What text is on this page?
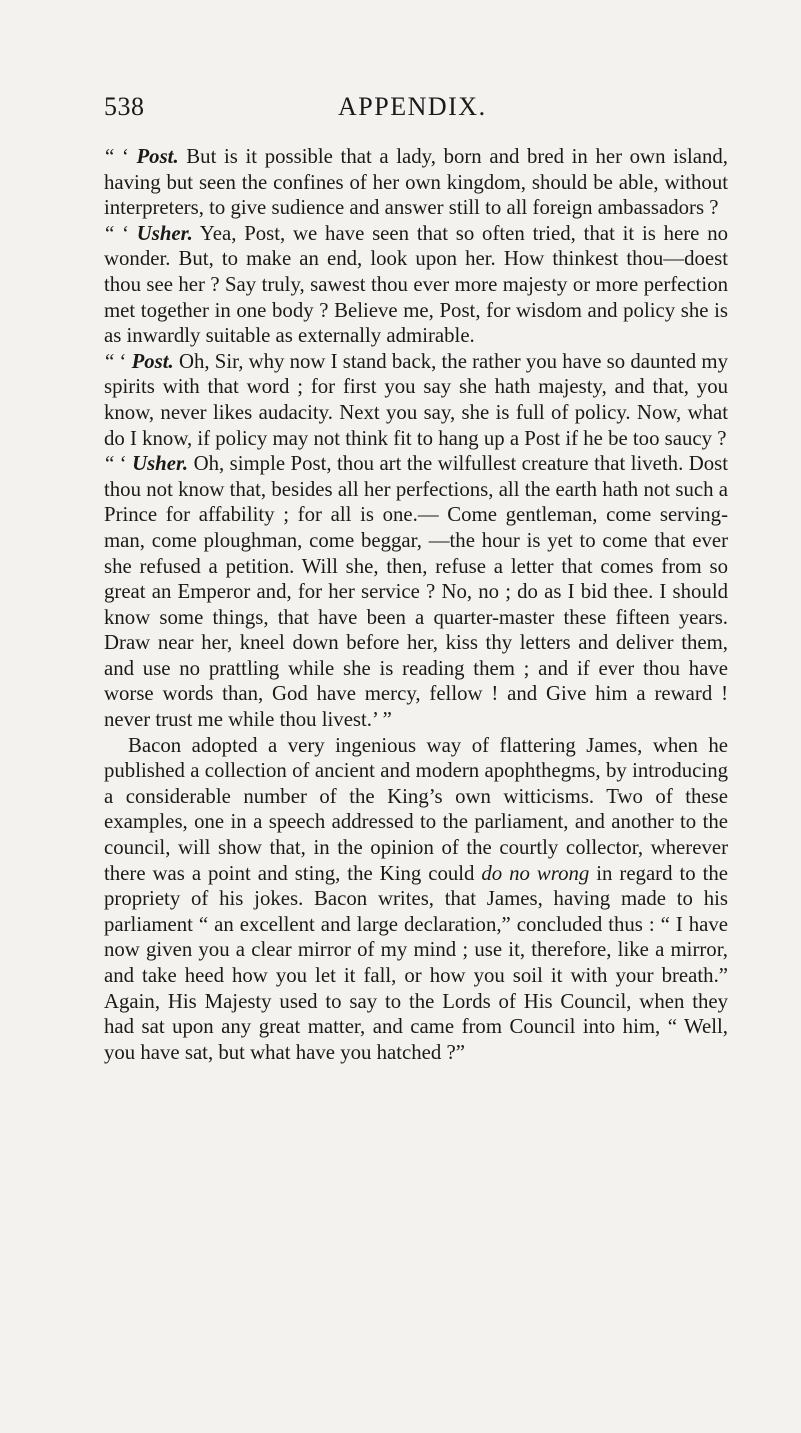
538	APPENDIX.

“ ‘ Post. But is it possible that a lady, born and bred in her own island, having but seen the confines of her own kingdom, should be able, without interpreters, to give sudience and answer still to all foreign ambassadors ?

“ ‘ Usher. Yea, Post, we have seen that so often tried, that it is here no wonder. But, to make an end, look upon her. How thinkest thou—doest thou see her ? Say truly, sawest thou ever more majesty or more perfection met together in one body ? Believe me, Post, for wisdom and policy she is as inwardly suitable as externally admirable.

“ ‘ Post. Oh, Sir, why now I stand back, the rather you have so daunted my spirits with that word ; for first you say she hath majesty, and that, you know, never likes audacity. Next you say, she is full of policy. Now, what do I know, if policy may not think fit to hang up a Post if he be too saucy ?

“ ‘ Usher. Oh, simple Post, thou art the wilfullest creature that liveth. Dost thou not know that, besides all her perfections, all the earth hath not such a Prince for affability ; for all is one.— Come gentleman, come serving-man, come ploughman, come beggar, —the hour is yet to come that ever she refused a petition. Will she, then, refuse a letter that comes from so great an Emperor and, for her service ? No, no ; do as I bid thee. I should know some things, that have been a quarter-master these fifteen years. Draw near her, kneel down before her, kiss thy letters and deliver them, and use no prattling while she is reading them ; and if ever thou have worse words than, God have mercy, fellow ! and Give him a reward ! never trust me while thou livest.’ ”

Bacon adopted a very ingenious way of flattering James, when he published a collection of ancient and modern apophthegms, by introducing a considerable number of the King’s own witticisms. Two of these examples, one in a speech addressed to the parliament, and another to the council, will show that, in the opinion of the courtly collector, wherever there was a point and sting, the King could do no wrong in regard to the propriety of his jokes. Bacon writes, that James, having made to his parliament “ an excellent and large declaration,” concluded thus : “ I have now given you a clear mirror of my mind ; use it, therefore, like a mirror, and take heed how you let it fall, or how you soil it with your breath.” Again, His Majesty used to say to the Lords of His Council, when they had sat upon any great matter, and came from Council into him, “ Well, you have sat, but what have you hatched ?”
